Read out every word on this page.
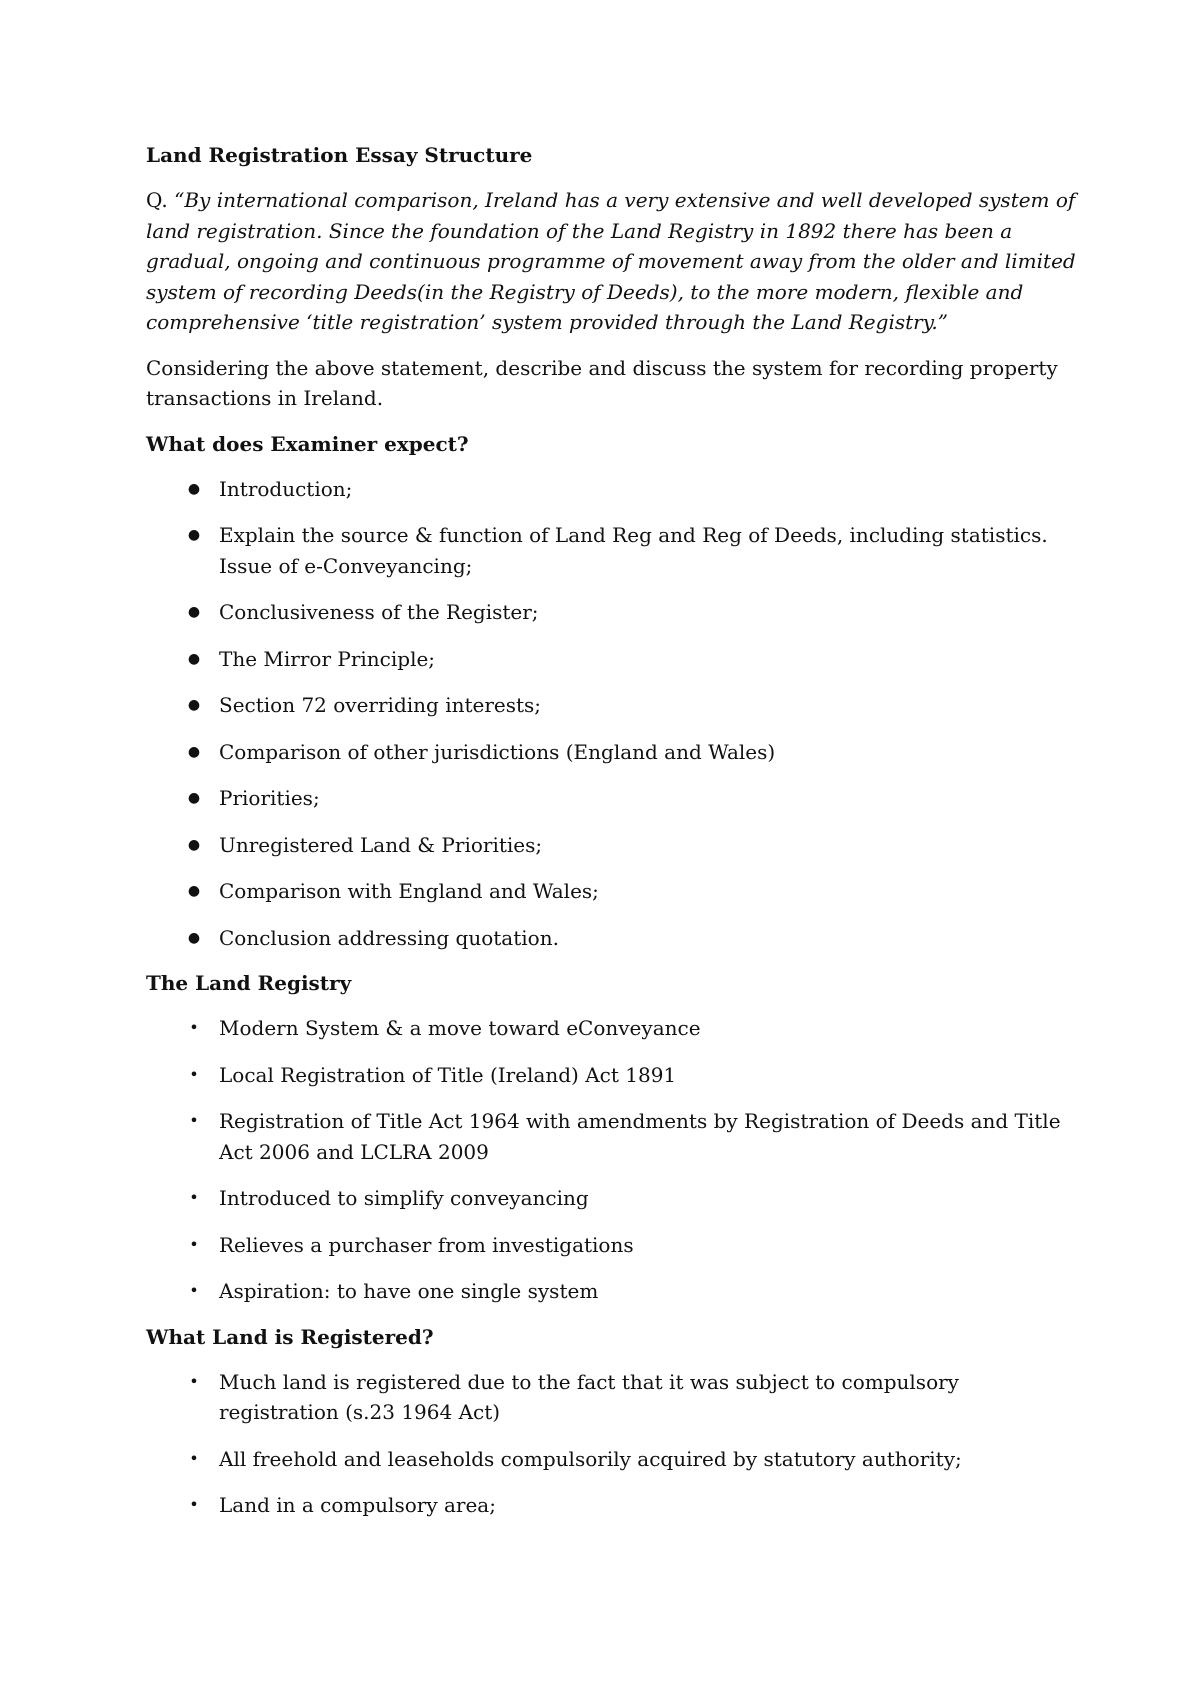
Land Registration Essay Structure
Q. “By international comparison, Ireland has a very extensive and well developed system of land registration. Since the foundation of the Land Registry in 1892 there has been a gradual, ongoing and continuous programme of movement away from the older and limited system of recording Deeds(in the Registry of Deeds), to the more modern, flexible and comprehensive ‘title registration’ system provided through the Land Registry.”
Considering the above statement, describe and discuss the system for recording property transactions in Ireland.
What does Examiner expect?
● Introduction;
● Explain the source & function of Land Reg and Reg of Deeds, including statistics. Issue of e-Conveyancing;
● Conclusiveness of the Register;
● The Mirror Principle;
● Section 72 overriding interests;
● Comparison of other jurisdictions (England and Wales)
● Priorities;
● Unregistered Land & Priorities;
● Comparison with England and Wales;
● Conclusion addressing quotation.
The Land Registry
• Modern System & a move toward eConveyance
• Local Registration of Title (Ireland) Act 1891
• Registration of Title Act 1964 with amendments by Registration of Deeds and Title Act 2006 and LCLRA 2009
• Introduced to simplify conveyancing
• Relieves a purchaser from investigations
• Aspiration: to have one single system
What Land is Registered?
• Much land is registered due to the fact that it was subject to compulsory registration (s.23 1964 Act)
• All freehold and leaseholds compulsorily acquired by statutory authority;
• Land in a compulsory area;
